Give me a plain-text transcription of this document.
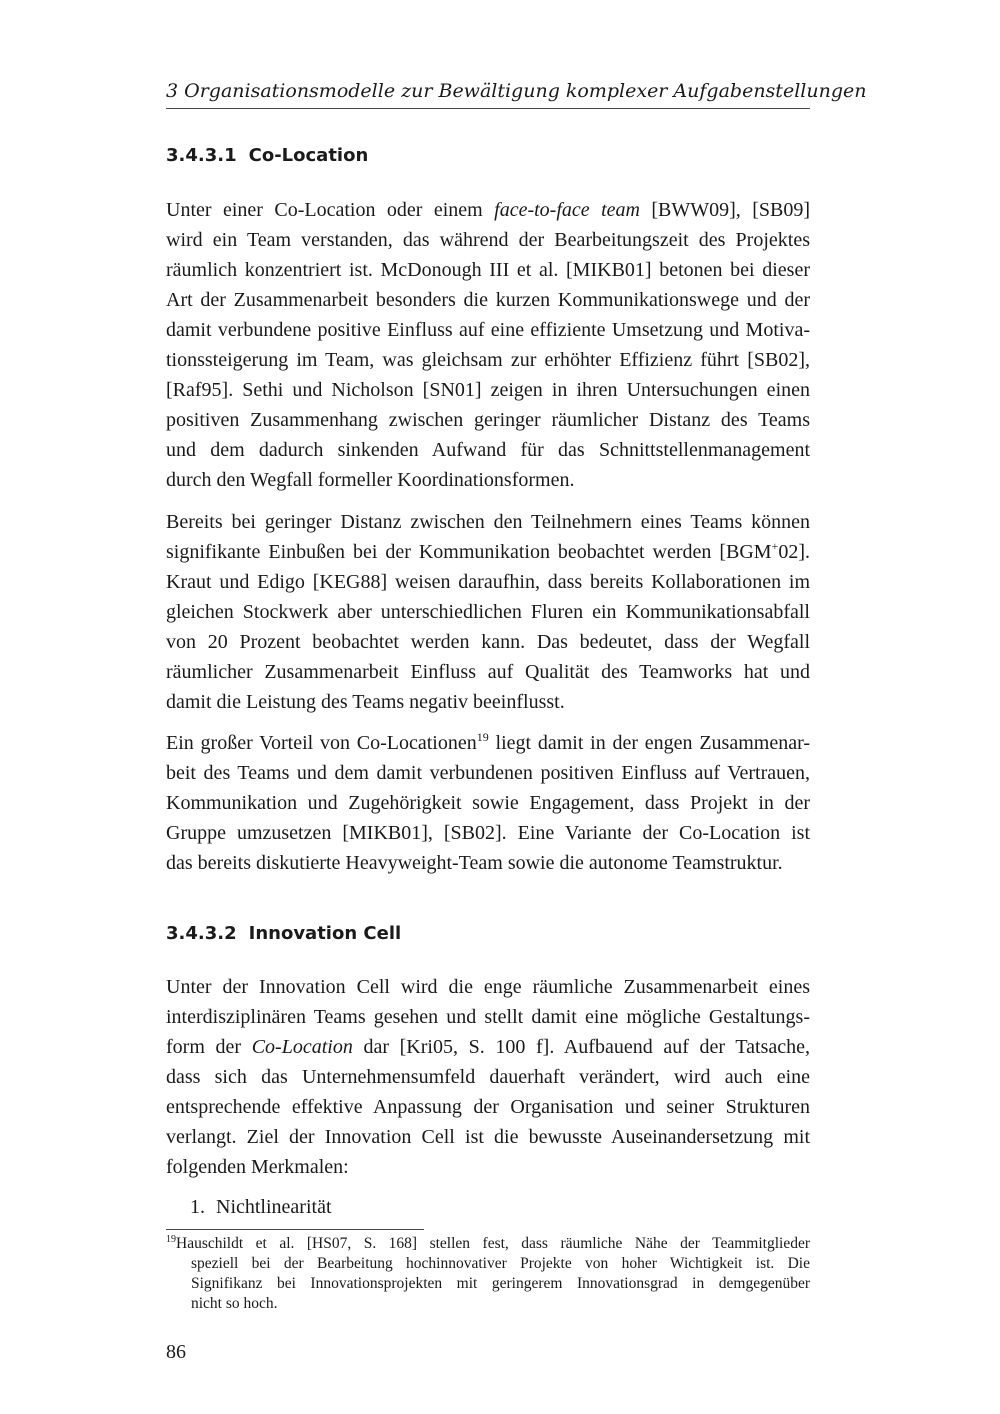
3 Organisationsmodelle zur Bewältigung komplexer Aufgabenstellungen
3.4.3.1 Co-Location
Unter einer Co-Location oder einem face-to-face team [BWW09], [SB09]
wird ein Team verstanden, das während der Bearbeitungszeit des Projektes
räumlich konzentriert ist. McDonough III et al. [MIKB01] betonen bei dieser
Art der Zusammenarbeit besonders die kurzen Kommunikationswege und der
damit verbundene positive Einfluss auf eine effiziente Umsetzung und Motiva-
tionssteigerung im Team, was gleichsam zur erhöhter Effizienz führt [SB02],
[Raf95]. Sethi und Nicholson [SN01] zeigen in ihren Untersuchungen einen
positiven Zusammenhang zwischen geringer räumlicher Distanz des Teams
und dem dadurch sinkenden Aufwand für das Schnittstellenmanagement
durch den Wegfall formeller Koordinationsformen.
Bereits bei geringer Distanz zwischen den Teilnehmern eines Teams können
signifikante Einbußen bei der Kommunikation beobachtet werden [BGM+02].
Kraut und Edigo [KEG88] weisen daraufhin, dass bereits Kollaborationen im
gleichen Stockwerk aber unterschiedlichen Fluren ein Kommunikationsabfall
von 20 Prozent beobachtet werden kann. Das bedeutet, dass der Wegfall
räumlicher Zusammenarbeit Einfluss auf Qualität des Teamworks hat und
damit die Leistung des Teams negativ beeinflusst.
Ein großer Vorteil von Co-Locationen$^{19}$ liegt damit in der engen Zusammenar-
beit des Teams und dem damit verbundenen positiven Einfluss auf Vertrauen,
Kommunikation und Zugehörigkeit sowie Engagement, dass Projekt in der
Gruppe umzusetzen [MIKB01], [SB02]. Eine Variante der Co-Location ist
das bereits diskutierte Heavyweight-Team sowie die autonome Teamstruktur.
3.4.3.2 Innovation Cell
Unter der Innovation Cell wird die enge räumliche Zusammenarbeit eines
interdisziplinären Teams gesehen und stellt damit eine mögliche Gestaltungs-
form der Co-Location dar [Kri05, S. 100 f]. Aufbauend auf der Tatsache,
dass sich das Unternehmensumfeld dauerhaft verändert, wird auch eine
entsprechende effektive Anpassung der Organisation und seiner Strukturen
verlangt. Ziel der Innovation Cell ist die bewusste Auseinandersetzung mit
folgenden Merkmalen:
1. Nichtlinearität
$^{19}$Hauschildt et al. [HS07, S. 168] stellen fest, dass räumliche Nähe der Teammitglieder
speziell bei der Bearbeitung hochinnovativer Projekte von hoher Wichtigkeit ist. Die
Signifikanz bei Innovationsprojekten mit geringerem Innovationsgrad in demgegenüber
nicht so hoch.
86
